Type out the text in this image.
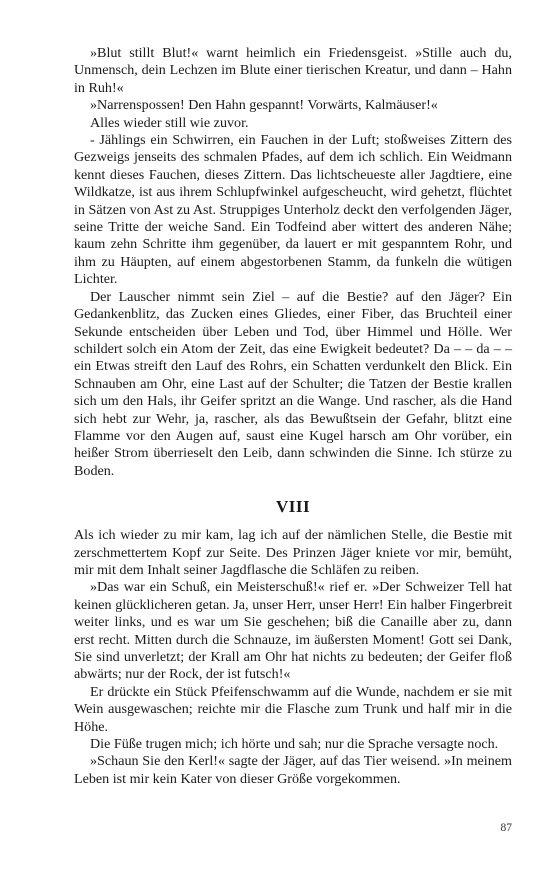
»Blut stillt Blut!« warnt heimlich ein Friedensgeist. »Stille auch du, Unmensch, dein Lechzen im Blute einer tierischen Kreatur, und dann – Hahn in Ruh!«

»Narrenspossen! Den Hahn gespannt! Vorwärts, Kalmäuser!«

Alles wieder still wie zuvor.

- Jählings ein Schwirren, ein Fauchen in der Luft; stoßweises Zittern des Gezweigs jenseits des schmalen Pfades, auf dem ich schlich. Ein Weidmann kennt dieses Fauchen, dieses Zittern. Das lichtscheueste aller Jagdtiere, eine Wildkatze, ist aus ihrem Schlupfwinkel aufgescheucht, wird gehetzt, flüchtet in Sätzen von Ast zu Ast. Struppiges Unterholz deckt den verfolgenden Jäger, seine Tritte der weiche Sand. Ein Todfeind aber wittert des anderen Nähe; kaum zehn Schritte ihm gegenüber, da lauert er mit gespanntem Rohr, und ihm zu Häupten, auf einem abgestorbenen Stamm, da funkeln die wütigen Lichter.

Der Lauscher nimmt sein Ziel – auf die Bestie? auf den Jäger? Ein Gedankenblitz, das Zucken eines Gliedes, einer Fiber, das Bruchteil einer Sekunde entscheiden über Leben und Tod, über Himmel und Hölle. Wer schildert solch ein Atom der Zeit, das eine Ewigkeit bedeutet? Da – – da – – ein Etwas streift den Lauf des Rohrs, ein Schatten verdunkelt den Blick. Ein Schnauben am Ohr, eine Last auf der Schulter; die Tatzen der Bestie krallen sich um den Hals, ihr Geifer spritzt an die Wange. Und rascher, als die Hand sich hebt zur Wehr, ja, rascher, als das Bewußtsein der Gefahr, blitzt eine Flamme vor den Augen auf, saust eine Kugel harsch am Ohr vorüber, ein heißer Strom überrieselt den Leib, dann schwinden die Sinne. Ich stürze zu Boden.

VIII

Als ich wieder zu mir kam, lag ich auf der nämlichen Stelle, die Bestie mit zerschmettertem Kopf zur Seite. Des Prinzen Jäger kniete vor mir, bemüht, mir mit dem Inhalt seiner Jagdflasche die Schläfen zu reiben.

»Das war ein Schuß, ein Meisterschuß!« rief er. »Der Schweizer Tell hat keinen glücklicheren getan. Ja, unser Herr, unser Herr! Ein halber Fingerbreit weiter links, und es war um Sie geschehen; biß die Canaille aber zu, dann erst recht. Mitten durch die Schnauze, im äußersten Moment! Gott sei Dank, Sie sind unverletzt; der Krall am Ohr hat nichts zu bedeuten; der Geifer floß abwärts; nur der Rock, der ist futsch!«

Er drückte ein Stück Pfeifenschwamm auf die Wunde, nachdem er sie mit Wein ausgewaschen; reichte mir die Flasche zum Trunk und half mir in die Höhe.

Die Füße trugen mich; ich hörte und sah; nur die Sprache versagte noch.

»Schaun Sie den Kerl!« sagte der Jäger, auf das Tier weisend. »In meinem Leben ist mir kein Kater von dieser Größe vorgekommen.

87
